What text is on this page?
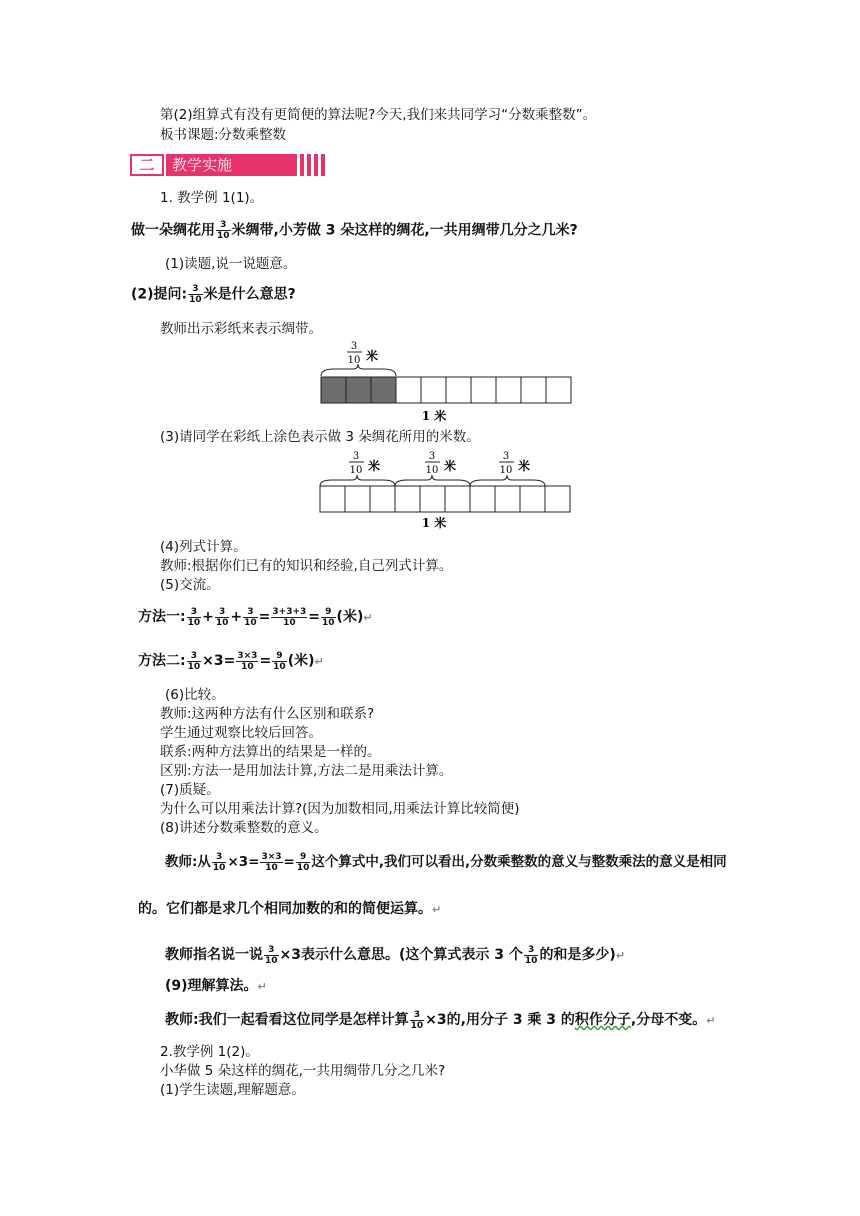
第(2)组算式有没有更简便的算法呢?今天,我们来共同学习“分数乘整数”。
板书课题:分数乘整数
二	教学实施
1. 教学例 1(1)。
做一朵绸花用 $\frac{3}{10}$ 米绸带,小芳做 3 朵这样的绸花,一共用绸带几分之几米?
(1)读题,说一说题意。
(2)提问: $\frac{3}{10}$ 米是什么意思?
教师出示彩纸来表示绸带。
3
10 米
1 米
(3)请同学在彩纸上涂色表示做 3 朵绸花所用的米数。
3
10 米
3
10 米
3
10 米
1 米
(4)列式计算。
教师:根据你们已有的知识和经验,自己列式计算。
(5)交流。
方法一: $\frac{3}{10} + \frac{3}{10} + \frac{3}{10} = \frac{3+3+3}{10} = \frac{9}{10}$ (米)↵
方法二: $\frac{3}{10} \times 3= \frac{3\times 3}{10} = \frac{9}{10}$ (米)↵
(6)比较。
教师:这两种方法有什么区别和联系?
学生通过观察比较后回答。
联系:两种方法算出的结果是一样的。
区别:方法一是用加法计算,方法二是用乘法计算。
(7)质疑。
为什么可以用乘法计算?(因为加数相同,用乘法计算比较简便)
(8)讲述分数乘整数的意义。
教师:从 $\frac{3}{10} \times 3= \frac{3\times 3}{10} = \frac{9}{10}$ 这个算式中,我们可以看出,分数乘整数的意义与整数乘法的意义是相同
的。它们都是求几个相同加数的和的简便运算。↵
教师指名说一说 $\frac{3}{10} \times 3$表示什么意思。(这个算式表示 3 个 $\frac{3}{10}$ 的和是多少)↵
(9)理解算法。↵
教师:我们一起看看这位同学是怎样计算 $\frac{3}{10} \times 3$的,用分子 3 乘 3 的积作分子,分母不变。↵
2.教学例 1(2)。
小华做 5 朵这样的绸花,一共用绸带几分之几米?
(1)学生读题,理解题意。
